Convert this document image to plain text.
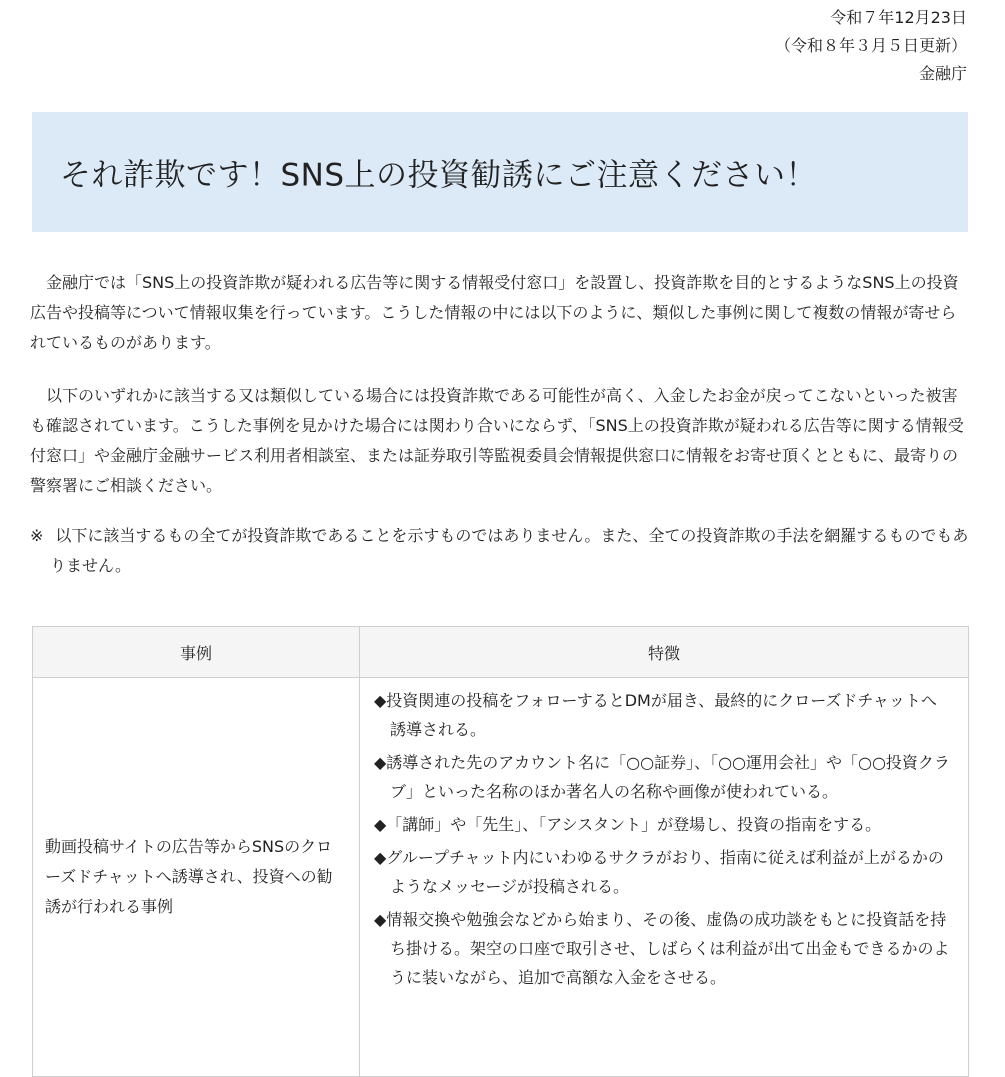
令和７年12月23日
（令和８年３月５日更新）
金融庁
それ詐欺です！SNS上の投資勧誘にご注意ください！

　金融庁では「SNS上の投資詐欺が疑われる広告等に関する情報受付窓口」を設置し、投資詐欺を目的とするようなSNS上の投資広告や投稿等について情報収集を行っています。こうした情報の中には以下のように、類似した事例に関して複数の情報が寄せられているものがあります。

　以下のいずれかに該当する又は類似している場合には投資詐欺である可能性が高く、入金したお金が戻ってこないといった被害も確認されています。こうした事例を見かけた場合には関わり合いにならず、「SNS上の投資詐欺が疑われる広告等に関する情報受付窓口」や金融庁金融サービス利用者相談室、または証券取引等監視委員会情報提供窓口に情報をお寄せ頂くとともに、最寄りの警察署にご相談ください。

※ 以下に該当するもの全てが投資詐欺であることを示すものではありません。また、全ての投資詐欺の手法を網羅するものでもありません。
事例	特徴
動画投稿サイトの広告等からSNSのクローズドチャットへ誘導され、投資への勧誘が行われる事例	◆投資関連の投稿をフォローするとDMが届き、最終的にクローズドチャットへ誘導される。
◆誘導された先のアカウント名に「○○証券」、「○○運用会社」や「○○投資クラブ」といった名称のほか著名人の名称や画像が使われている。
◆「講師」や「先生」、「アシスタント」が登場し、投資の指南をする。
◆グループチャット内にいわゆるサクラがおり、指南に従えば利益が上がるかのようなメッセージが投稿される。
◆情報交換や勉強会などから始まり、その後、虚偽の成功談をもとに投資話を持ち掛ける。架空の口座で取引させ、しばらくは利益が出て出金もできるかのように装いながら、追加で高額な入金をさせる。
